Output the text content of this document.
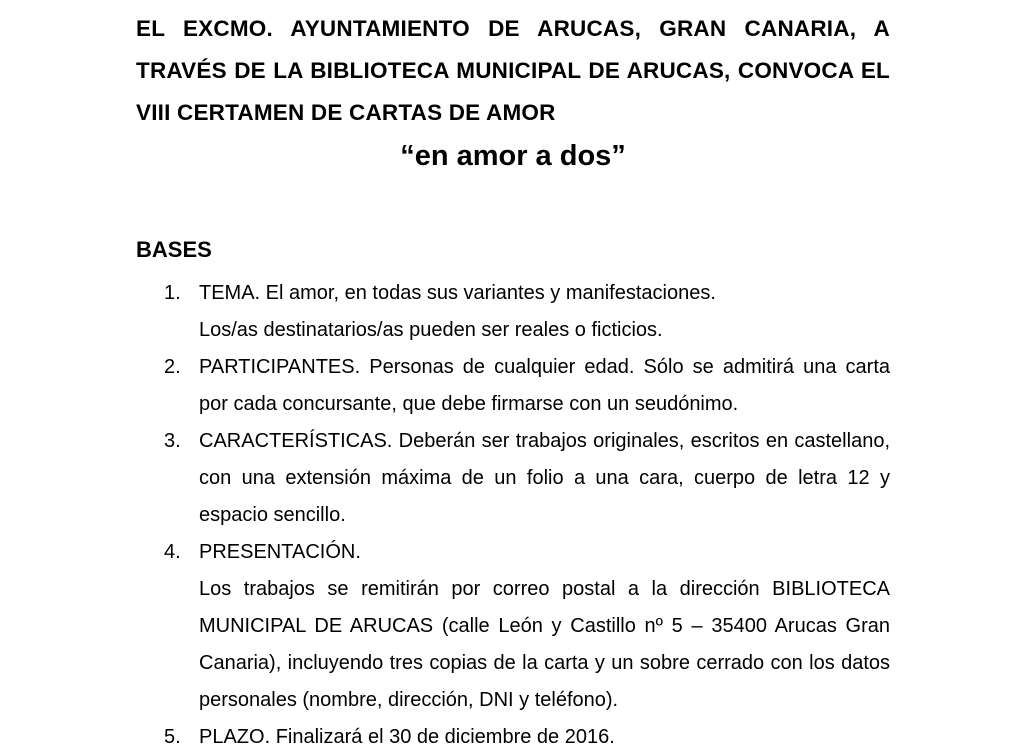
EL EXCMO. AYUNTAMIENTO DE ARUCAS, GRAN CANARIA, A TRAVÉS DE LA BIBLIOTECA MUNICIPAL DE ARUCAS, CONVOCA EL VIII CERTAMEN DE CARTAS DE AMOR
“en amor a dos”
BASES
1. TEMA. El amor, en todas sus variantes y manifestaciones.
Los/as destinatarios/as pueden ser reales o ficticios.
2. PARTICIPANTES. Personas de cualquier edad. Sólo se admitirá una carta por cada concursante, que debe firmarse con un seudónimo.
3. CARACTERÍSTICAS. Deberán ser trabajos originales, escritos en castellano, con una extensión máxima de un folio a una cara, cuerpo de letra 12 y espacio sencillo.
4. PRESENTACIÓN.
Los trabajos se remitirán por correo postal a la dirección BIBLIOTECA MUNICIPAL DE ARUCAS (calle León y Castillo nº 5 – 35400 Arucas Gran Canaria), incluyendo tres copias de la carta y un sobre cerrado con los datos personales (nombre, dirección, DNI y teléfono).
5. PLAZO. Finalizará el 30 de diciembre de 2016.
